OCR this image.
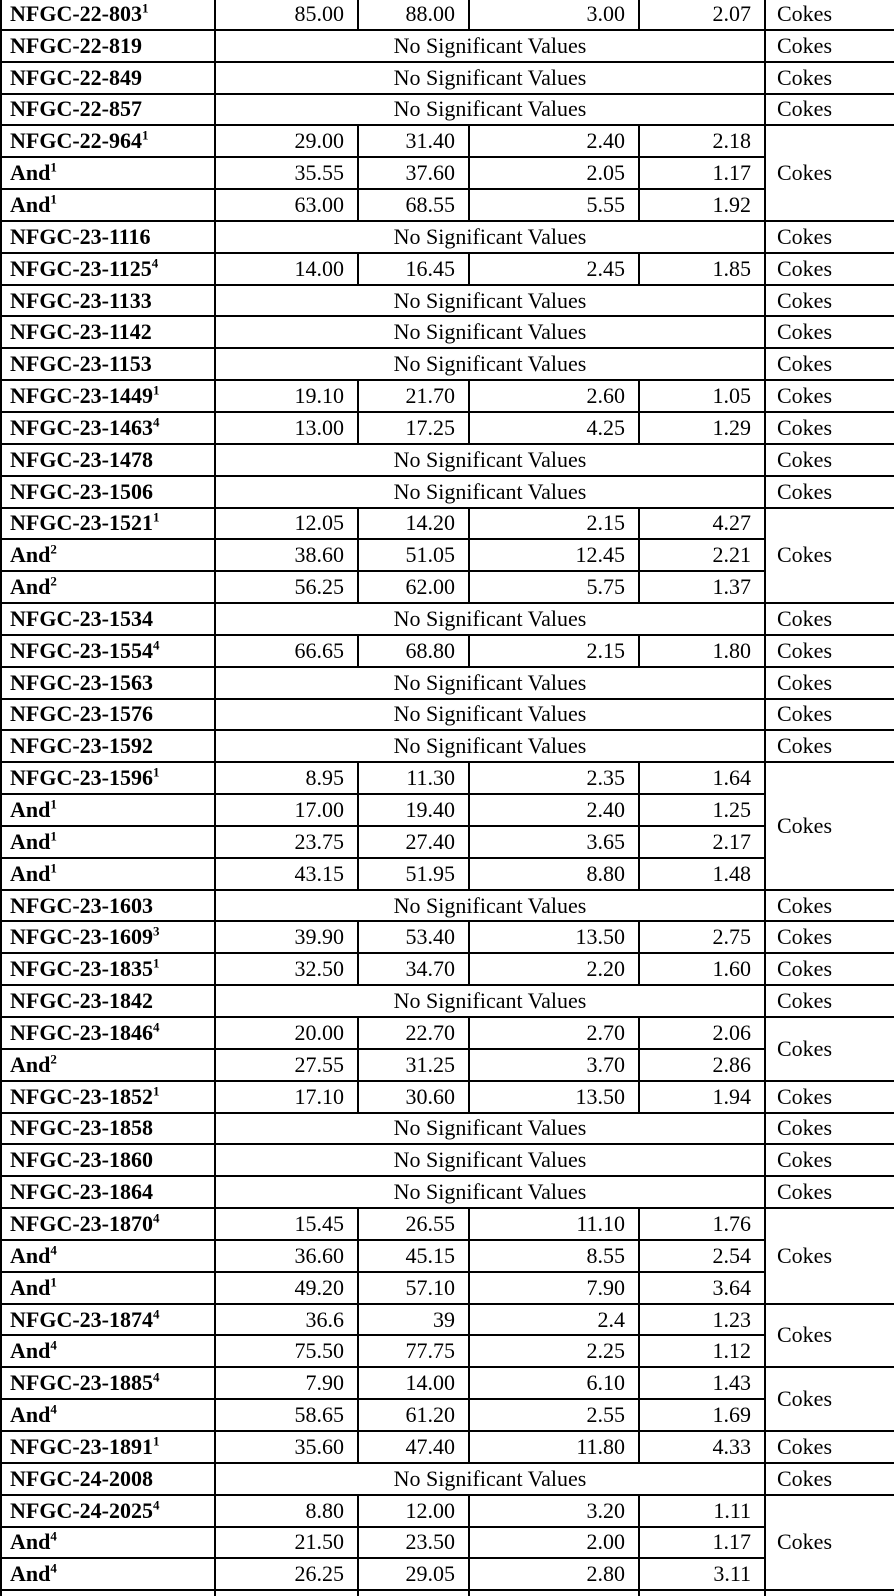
NFGC-$22-803^1$	85.00	88.00	3.00	2.07	Cokes
NFGC-22-819	No Significant Values				Cokes
NFGC-22-849	No Significant Values				Cokes
NFGC-22-857	No Significant Values				Cokes
NFGC-$22-964^1$	29.00	31.40	2.40	2.18	Cokes
And$^1$	35.55	37.60	2.05	1.17	
And$^1$	63.00	68.55	5.55	1.92	
NFGC-23-1116	No Significant Values				Cokes
NFGC-23-1125$^4$	14.00	16.45	2.45	1.85	Cokes
NFGC-23-1133	No Significant Values				Cokes
NFGC-23-1142	No Significant Values				Cokes
NFGC-23-1153	No Significant Values				Cokes
NFGC-23-1449$^1$	19.10	21.70	2.60	1.05	Cokes
NFGC-23-1463$^4$	13.00	17.25	4.25	1.29	Cokes
NFGC-23-1478	No Significant Values				Cokes
NFGC-23-1506	No Significant Values				Cokes
NFGC-23-1521$^1$	12.05	14.20	2.15	4.27	Cokes
And$^2$	38.60	51.05	12.45	2.21	
And$^2$	56.25	62.00	5.75	1.37	
NFGC-23-1534	No Significant Values				Cokes
NFGC-23-1554$^4$	66.65	68.80	2.15	1.80	Cokes
NFGC-23-1563	No Significant Values				Cokes
NFGC-23-1576	No Significant Values				Cokes
NFGC-23-1592	No Significant Values				Cokes
NFGC-23-1596$^1$	8.95	11.30	2.35	1.64	Cokes
And$^1$	17.00	19.40	2.40	1.25	
And$^1$	23.75	27.40	3.65	2.17	
And$^1$	43.15	51.95	8.80	1.48	
NFGC-23-1603	No Significant Values				Cokes
NFGC-23-1609$^3$	39.90	53.40	13.50	2.75	Cokes
NFGC-23-1835$^1$	32.50	34.70	2.20	1.60	Cokes
NFGC-23-1842	No Significant Values				Cokes
NFGC-23-1846$^4$	20.00	22.70	2.70	2.06	Cokes
And$^2$	27.55	31.25	3.70	2.86	
NFGC-23-1852$^1$	17.10	30.60	13.50	1.94	Cokes
NFGC-23-1858	No Significant Values				Cokes
NFGC-23-1860	No Significant Values				Cokes
NFGC-23-1864	No Significant Values				Cokes
NFGC-23-1870$^4$	15.45	26.55	11.10	1.76	Cokes
And$^4$	36.60	45.15	8.55	2.54	
And$^1$	49.20	57.10	7.90	3.64	
NFGC-23-1874$^4$	36.6	39	2.4	1.23	Cokes
And$^4$	75.50	77.75	2.25	1.12	
NFGC-23-1885$^4$	7.90	14.00	6.10	1.43	Cokes
And$^4$	58.65	61.20	2.55	1.69	
NFGC-23-1891$^1$	35.60	47.40	11.80	4.33	Cokes
NFGC-24-2008	No Significant Values				Cokes
NFGC-24-2025$^4$	8.80	12.00	3.20	1.11	Cokes
And$^4$	21.50	23.50	2.00	1.17	
And$^4$	26.25	29.05	2.80	3.11	
